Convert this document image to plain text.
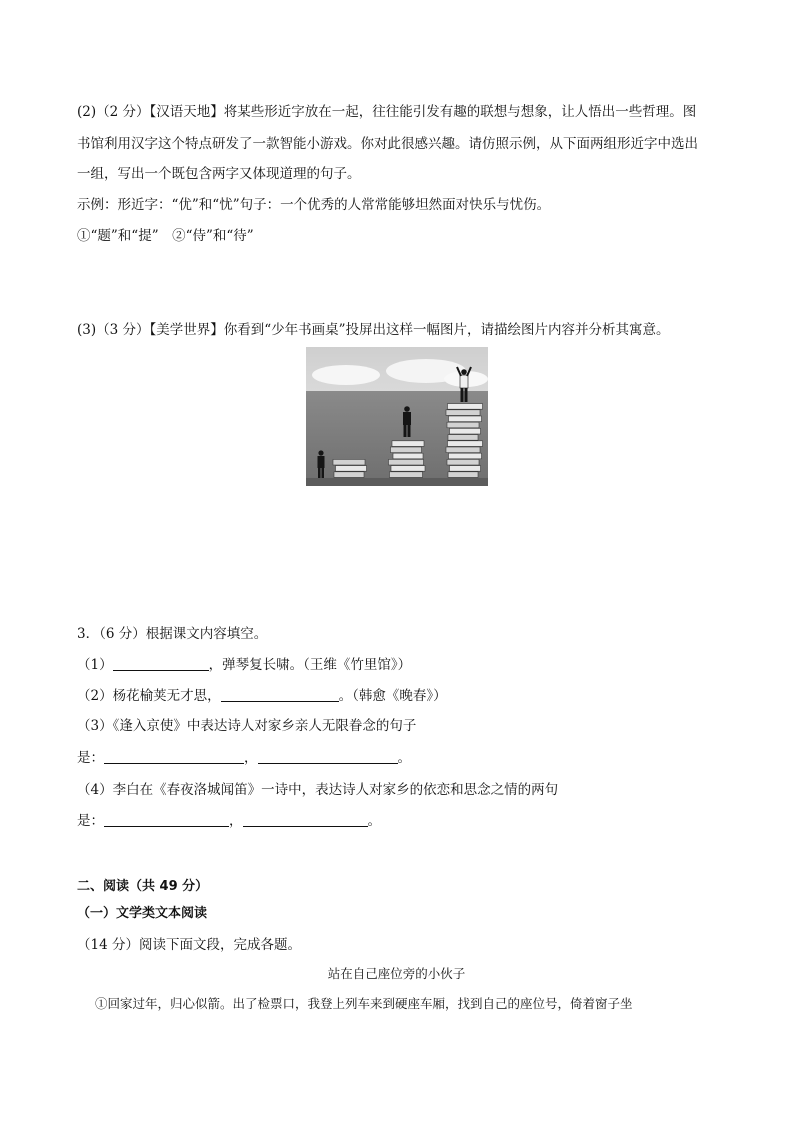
(2)（2 分）【汉语天地】将某些形近字放在一起，往往能引发有趣的联想与想象，让人悟出一些哲理。图
书馆利用汉字这个特点研发了一款智能小游戏。你对此很感兴趣。请仿照示例，从下面两组形近字中选出
一组，写出一个既包含两字又体现道理的句子。
示例：形近字：“优”和“忧”句子：一个优秀的人常常能够坦然面对快乐与忧伤。
①“题”和“提”　②“侍”和“待”
(3)（3 分）【美学世界】你看到“少年书画桌”投屏出这样一幅图片，请描绘图片内容并分析其寓意。
3．（6 分）根据课文内容填空。
（1）	，弹琴复长啸。（王维《竹里馆》）
（2）杨花榆荚无才思，	。（韩愈《晚春》）
（3）《逢入京使》中表达诗人对家乡亲人无限眷念的句子
是：	，	。
（4）李白在《春夜洛城闻笛》一诗中，表达诗人对家乡的依恋和思念之情的两句
是：	，	。
二、阅读（共 49 分）
（一）文学类文本阅读
（14 分）阅读下面文段，完成各题。
站在自己座位旁的小伙子
①回家过年，归心似箭。出了检票口，我登上列车来到硬座车厢，找到自己的座位号，倚着窗子坐
